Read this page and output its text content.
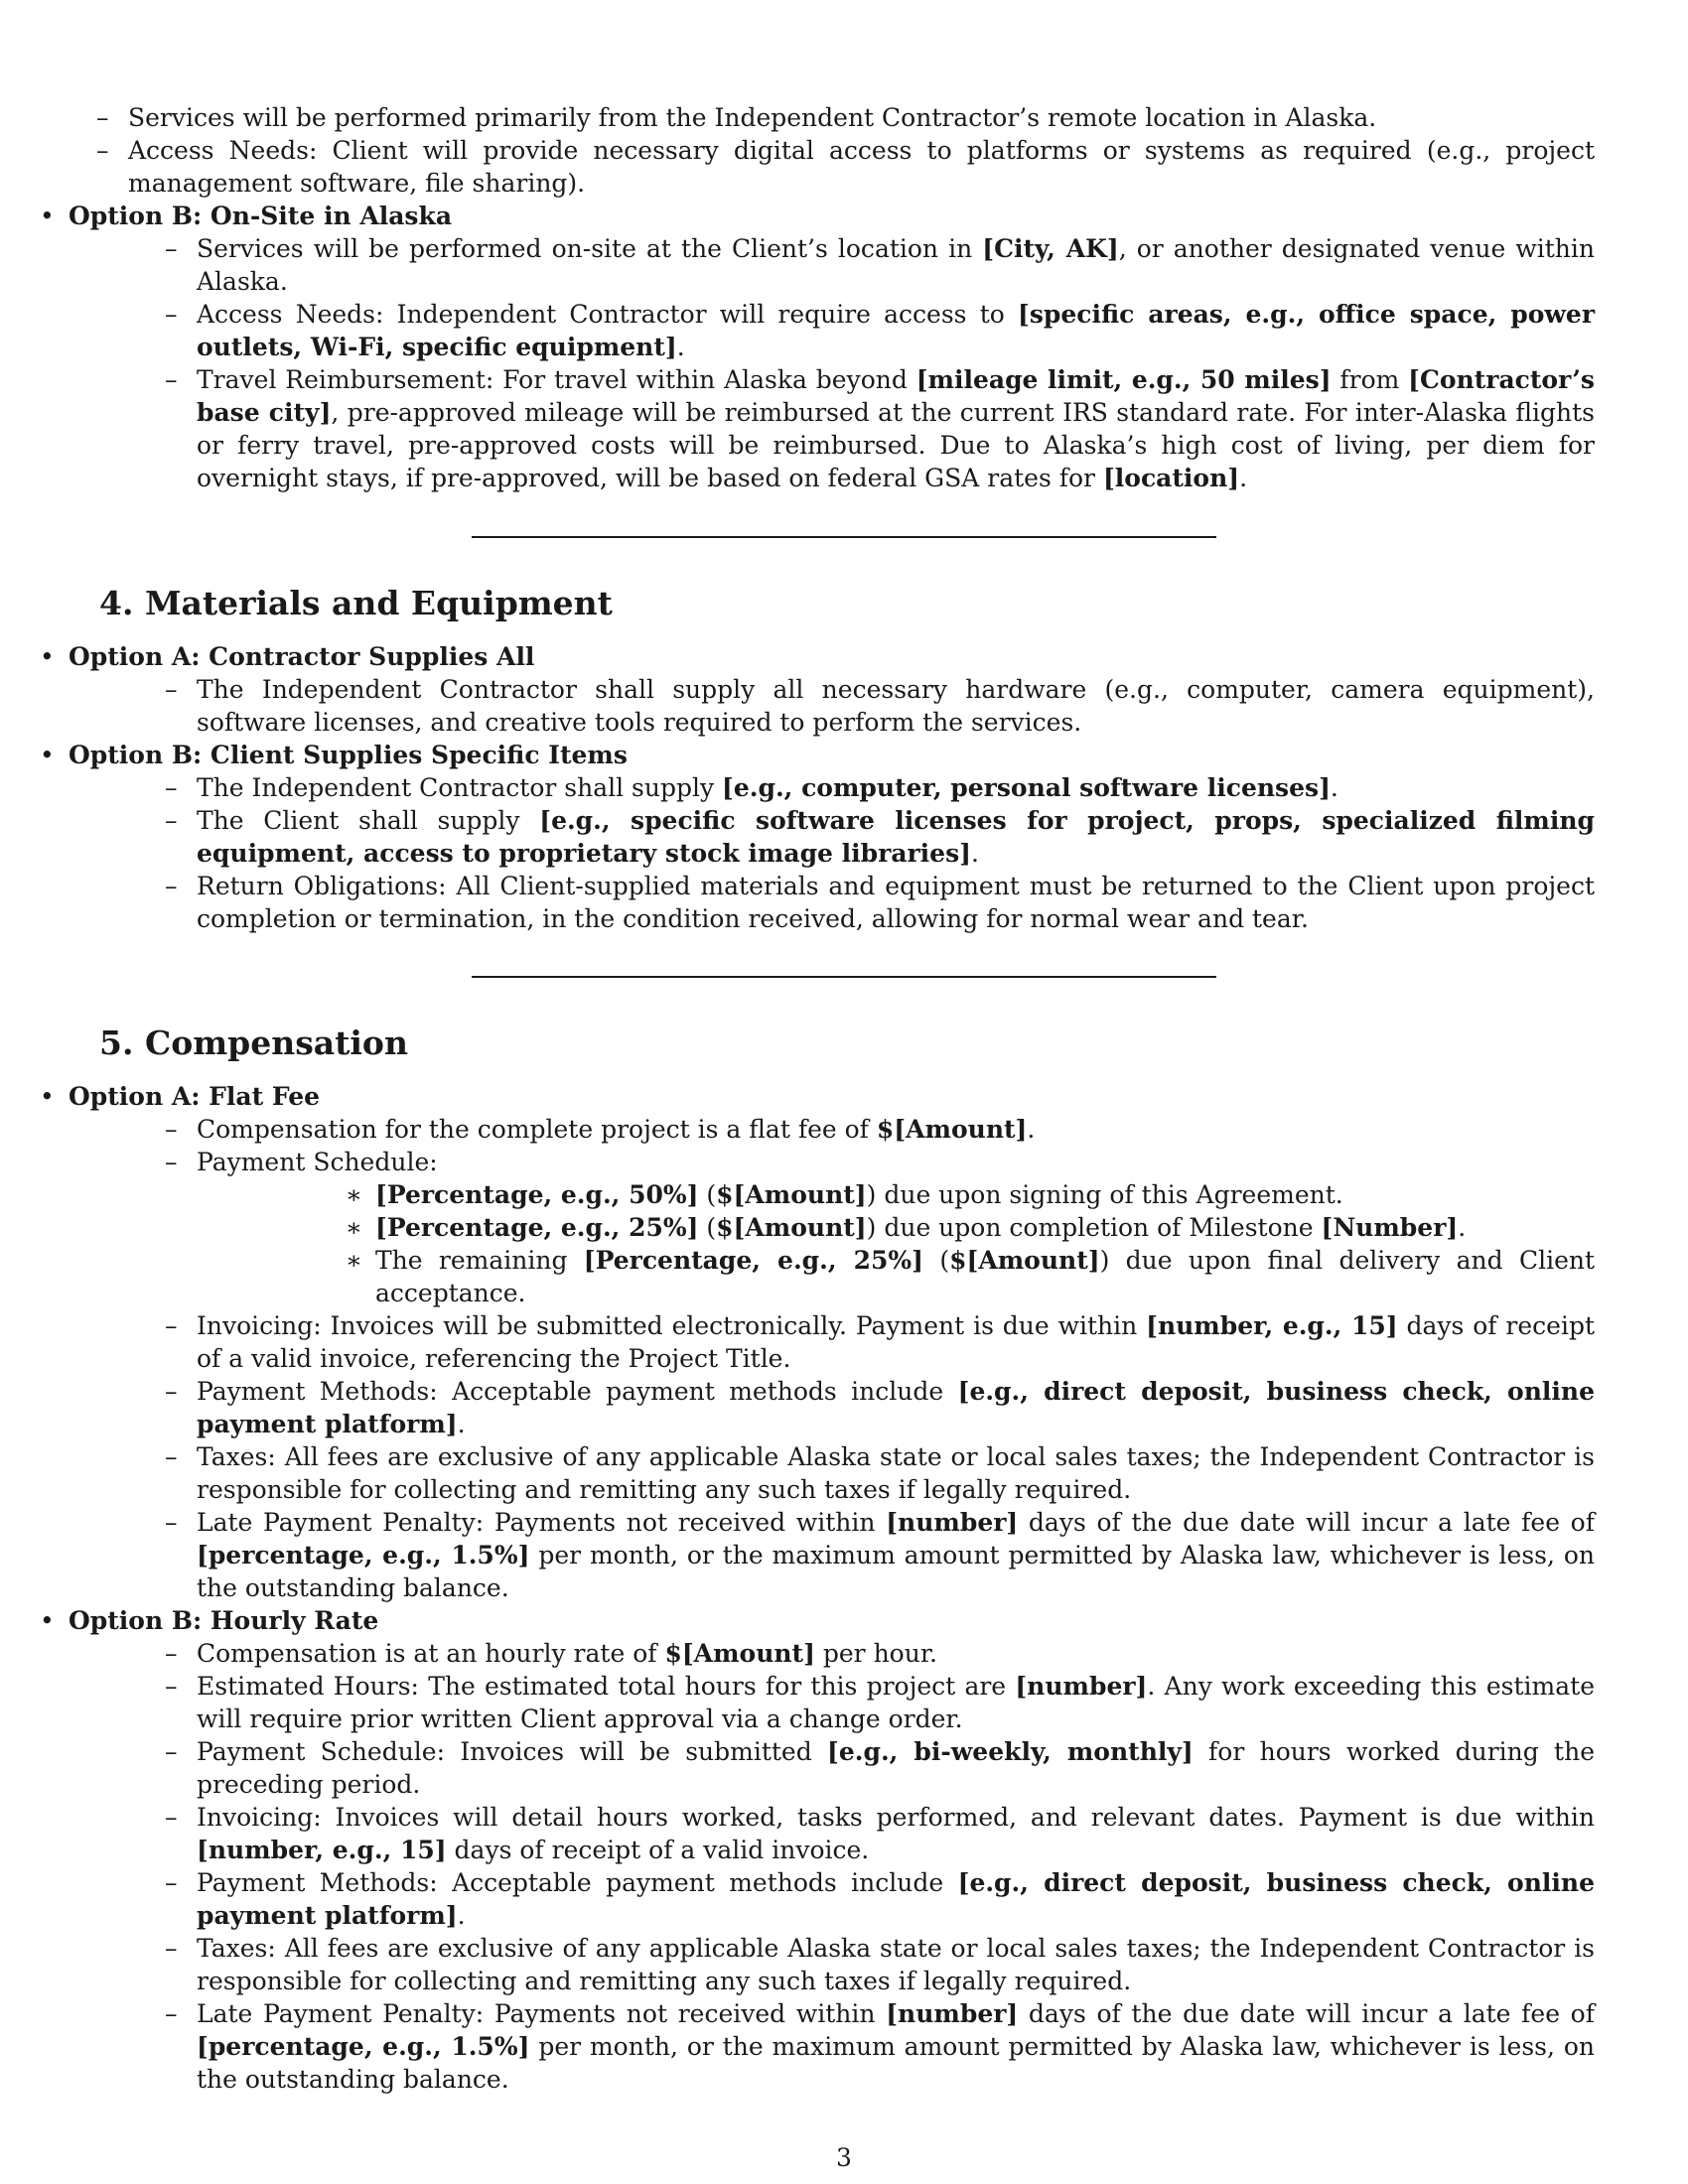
– Services will be performed primarily from the Independent Contractor’s remote location in Alaska.
– Access Needs: Client will provide necessary digital access to platforms or systems as required (e.g., project management software, file sharing).
• Option B: On-Site in Alaska
– Services will be performed on-site at the Client’s location in [City, AK], or another designated venue within Alaska.
– Access Needs: Independent Contractor will require access to [specific areas, e.g., office space, power outlets, Wi-Fi, specific equipment].
– Travel Reimbursement: For travel within Alaska beyond [mileage limit, e.g., 50 miles] from [Contractor’s base city], pre-approved mileage will be reimbursed at the current IRS standard rate. For inter-Alaska flights or ferry travel, pre-approved costs will be reimbursed. Due to Alaska’s high cost of living, per diem for overnight stays, if pre-approved, will be based on federal GSA rates for [location].
4. Materials and Equipment
• Option A: Contractor Supplies All
– The Independent Contractor shall supply all necessary hardware (e.g., computer, camera equipment), software licenses, and creative tools required to perform the services.
• Option B: Client Supplies Specific Items
– The Independent Contractor shall supply [e.g., computer, personal software licenses].
– The Client shall supply [e.g., specific software licenses for project, props, specialized filming equipment, access to proprietary stock image libraries].
– Return Obligations: All Client-supplied materials and equipment must be returned to the Client upon project completion or termination, in the condition received, allowing for normal wear and tear.
5. Compensation
• Option A: Flat Fee
– Compensation for the complete project is a flat fee of $[Amount].
– Payment Schedule:
∗ [Percentage, e.g., 50%] ($[Amount]) due upon signing of this Agreement.
∗ [Percentage, e.g., 25%] ($[Amount]) due upon completion of Milestone [Number].
∗ The remaining [Percentage, e.g., 25%] ($[Amount]) due upon final delivery and Client acceptance.
– Invoicing: Invoices will be submitted electronically. Payment is due within [number, e.g., 15] days of receipt of a valid invoice, referencing the Project Title.
– Payment Methods: Acceptable payment methods include [e.g., direct deposit, business check, online payment platform].
– Taxes: All fees are exclusive of any applicable Alaska state or local sales taxes; the Independent Contractor is responsible for collecting and remitting any such taxes if legally required.
– Late Payment Penalty: Payments not received within [number] days of the due date will incur a late fee of [percentage, e.g., 1.5%] per month, or the maximum amount permitted by Alaska law, whichever is less, on the outstanding balance.
• Option B: Hourly Rate
– Compensation is at an hourly rate of $[Amount] per hour.
– Estimated Hours: The estimated total hours for this project are [number]. Any work exceeding this estimate will require prior written Client approval via a change order.
– Payment Schedule: Invoices will be submitted [e.g., bi-weekly, monthly] for hours worked during the preceding period.
– Invoicing: Invoices will detail hours worked, tasks performed, and relevant dates. Payment is due within [number, e.g., 15] days of receipt of a valid invoice.
– Payment Methods: Acceptable payment methods include [e.g., direct deposit, business check, online payment platform].
– Taxes: All fees are exclusive of any applicable Alaska state or local sales taxes; the Independent Contractor is responsible for collecting and remitting any such taxes if legally required.
– Late Payment Penalty: Payments not received within [number] days of the due date will incur a late fee of [percentage, e.g., 1.5%] per month, or the maximum amount permitted by Alaska law, whichever is less, on the outstanding balance.
3
